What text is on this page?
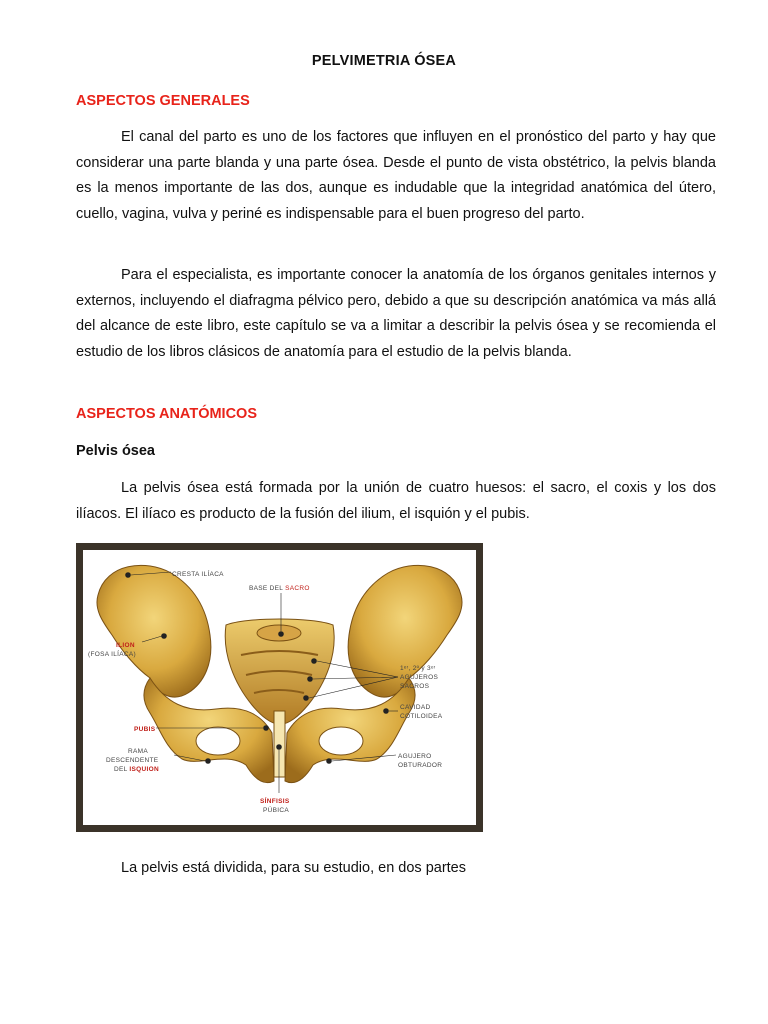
PELVIMETRIA ÓSEA
ASPECTOS GENERALES

El canal del parto es uno de los factores que influyen en el pronóstico del parto y hay que considerar una parte blanda y una parte ósea. Desde el punto de vista obstétrico, la pelvis blanda es la menos importante de las dos, aunque es indudable que la integridad anatómica del útero, cuello, vagina, vulva y periné es indispensable para el buen progreso del parto.

Para el especialista, es importante conocer la anatomía de los órganos genitales internos y externos, incluyendo el diafragma pélvico pero, debido a que su descripción anatómica va más allá del alcance de este libro, este capítulo se va a limitar a describir la pelvis ósea y se recomienda el estudio de los libros clásicos de anatomía para el estudio de la pelvis blanda.

ASPECTOS ANATÓMICOS
Pelvis ósea

La pelvis ósea está formada por la unión de cuatro huesos: el sacro, el coxis y los dos ilíacos. El ilíaco es producto de la fusión del ilium, el isquión y el pubis.

CRESTA ILÍACA
BASE DEL SACRO
ILION
(FOSA ILÍACA)
1ᵉʳ, 2º y 3ᵉʳ
AGUJEROS
SACROS
CAVIDAD
COTILOIDEA
PUBIS
RAMA
DESCENDENTE
DEL ISQUION
AGUJERO
OBTURADOR
SÍNFISIS
PÚBICA

La pelvis está dividida, para su estudio, en dos partes
